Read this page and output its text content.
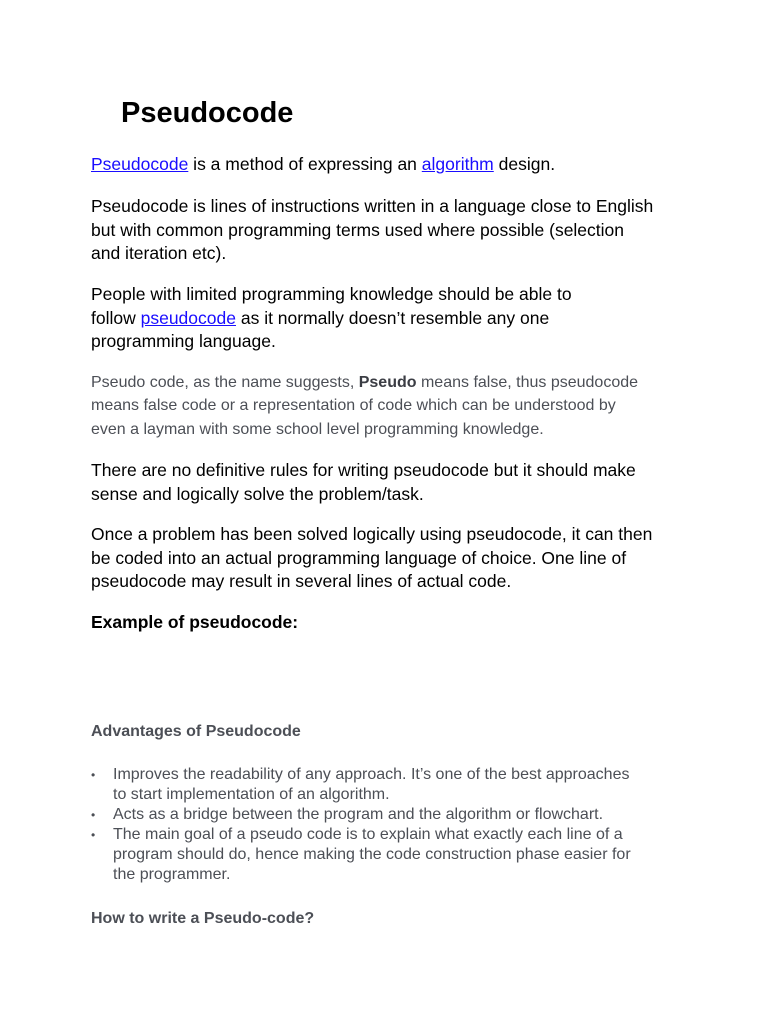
Pseudocode

Pseudocode is a method of expressing an algorithm design.

Pseudocode is lines of instructions written in a language close to English
but with common programming terms used where possible (selection
and iteration etc).

People with limited programming knowledge should be able to
follow pseudocode as it normally doesn’t resemble any one
programming language.

Pseudo code, as the name suggests, Pseudo means false, thus pseudocode
means false code or a representation of code which can be understood by
even a layman with some school level programming knowledge.

There are no definitive rules for writing pseudocode but it should make
sense and logically solve the problem/task.

Once a problem has been solved logically using pseudocode, it can then
be coded into an actual programming language of choice. One line of
pseudocode may result in several lines of actual code.

Example of pseudocode:
Advantages of Pseudocode
• Improves the readability of any approach. It’s one of the best approaches
to start implementation of an algorithm.
• Acts as a bridge between the program and the algorithm or flowchart.
• The main goal of a pseudo code is to explain what exactly each line of a
program should do, hence making the code construction phase easier for
the programmer.
How to write a Pseudo-code?
